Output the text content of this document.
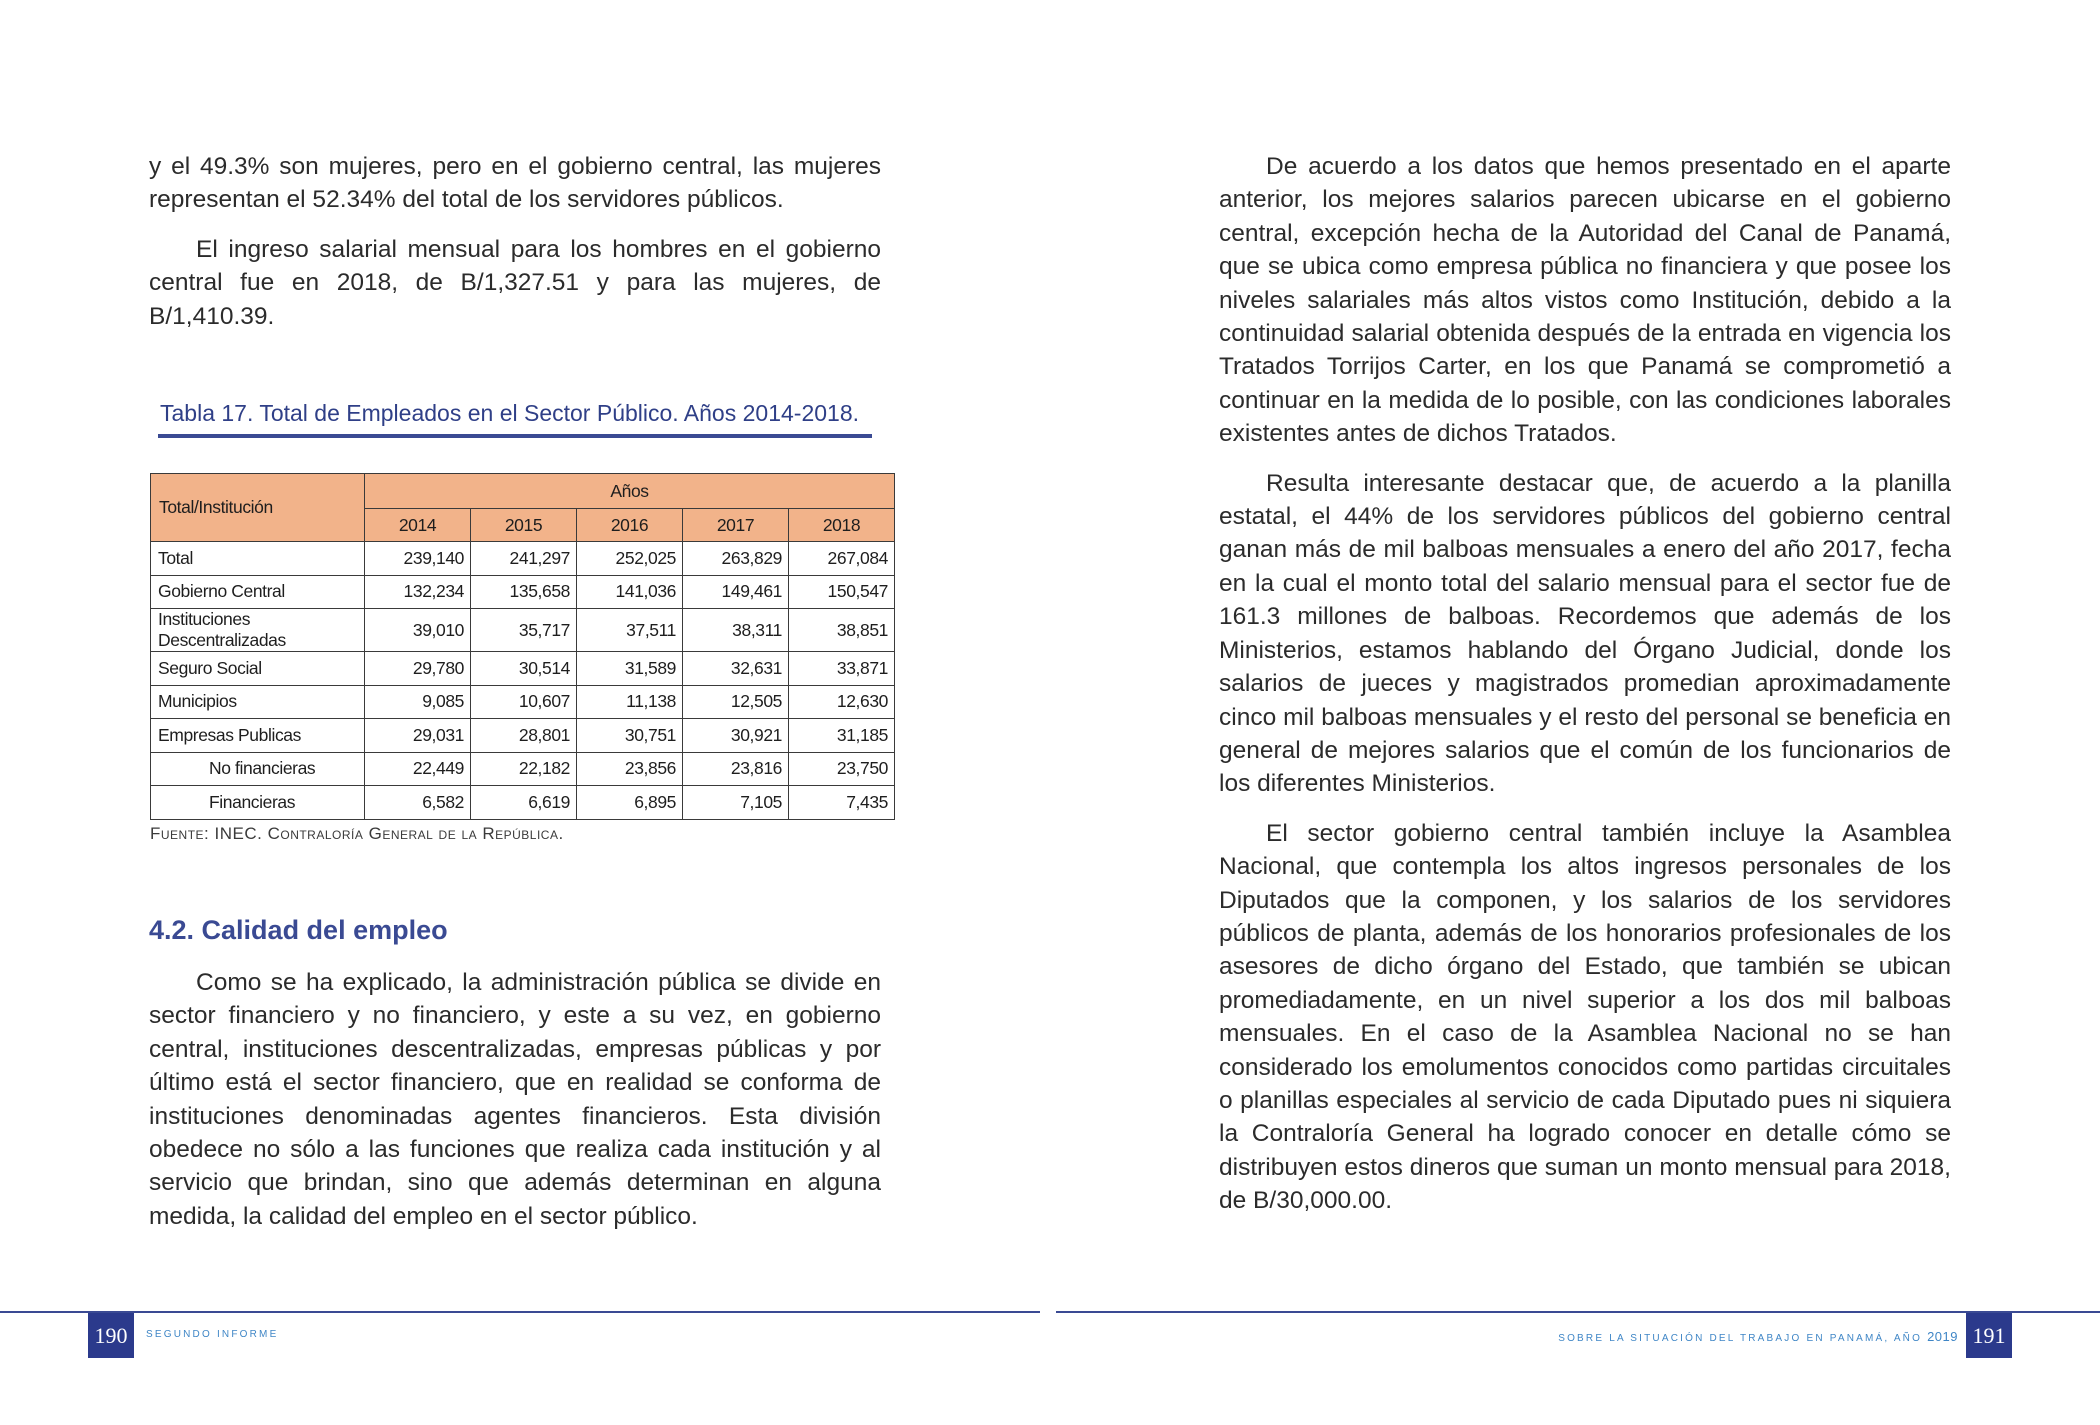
y el 49.3% son mujeres, pero en el gobierno central, las mujeres representan el 52.34% del total de los servidores públicos.

El ingreso salarial mensual para los hombres en el gobierno central fue en 2018, de B/1,327.51 y para las mujeres, de B/1,410.39.

Tabla 17. Total de Empleados en el Sector Público. Años 2014-2018.
Total/Institución	Años				
	2014	2015	2016	2017	2018
Total	239,140	241,297	252,025	263,829	267,084
Gobierno Central	132,234	135,658	141,036	149,461	150,547
Instituciones Descentralizadas	39,010	35,717	37,511	38,311	38,851
Seguro Social	29,780	30,514	31,589	32,631	33,871
Municipios	9,085	10,607	11,138	12,505	12,630
Empresas Publicas	29,031	28,801	30,751	30,921	31,185
No financieras	22,449	22,182	23,856	23,816	23,750
Financieras	6,582	6,619	6,895	7,105	7,435
Fuente: INEC. Contraloría General de la República.
4.2. Calidad del empleo

Como se ha explicado, la administración pública se divide en sector financiero y no financiero, y este a su vez, en gobierno central, instituciones descentralizadas, empresas públicas y por último está el sector financiero, que en realidad se conforma de instituciones denominadas agentes financieros. Esta división obedece no sólo a las funciones que realiza cada institución y al servicio que brindan, sino que además determinan en alguna medida, la calidad del empleo en el sector público.

De acuerdo a los datos que hemos presentado en el aparte anterior, los mejores salarios parecen ubicarse en el gobierno central, excepción hecha de la Autoridad del Canal de Panamá, que se ubica como empresa pública no financiera y que posee los niveles salariales más altos vistos como Institución, debido a la continuidad salarial obtenida después de la entrada en vigencia los Tratados Torrijos Carter, en los que Panamá se comprometió a continuar en la medida de lo posible, con las condiciones laborales existentes antes de dichos Tratados.

Resulta interesante destacar que, de acuerdo a la planilla estatal, el 44% de los servidores públicos del gobierno central ganan más de mil balboas mensuales a enero del año 2017, fecha en la cual el monto total del salario mensual para el sector fue de 161.3 millones de balboas. Recordemos que además de los Ministerios, estamos hablando del Órgano Judicial, donde los salarios de jueces y magistrados promedian aproximadamente cinco mil balboas mensuales y el resto del personal se beneficia en general de mejores salarios que el común de los funcionarios de los diferentes Ministerios.

El sector gobierno central también incluye la Asamblea Nacional, que contempla los altos ingresos personales de los Diputados que la componen, y los salarios de los servidores públicos de planta, además de los honorarios profesionales de los asesores de dicho órgano del Estado, que también se ubican promediadamente, en un nivel superior a los dos mil balboas mensuales. En el caso de la Asamblea Nacional no se han considerado los emolumentos conocidos como partidas circuitales o planillas especiales al servicio de cada Diputado pues ni siquiera la Contraloría General ha logrado conocer en detalle cómo se distribuyen estos dineros que suman un monto mensual para 2018, de B/30,000.00.

190	SEGUNDO INFORME	SOBRE LA SITUACIÓN DEL TRABAJO EN PANAMÁ, AÑO 2019 191
